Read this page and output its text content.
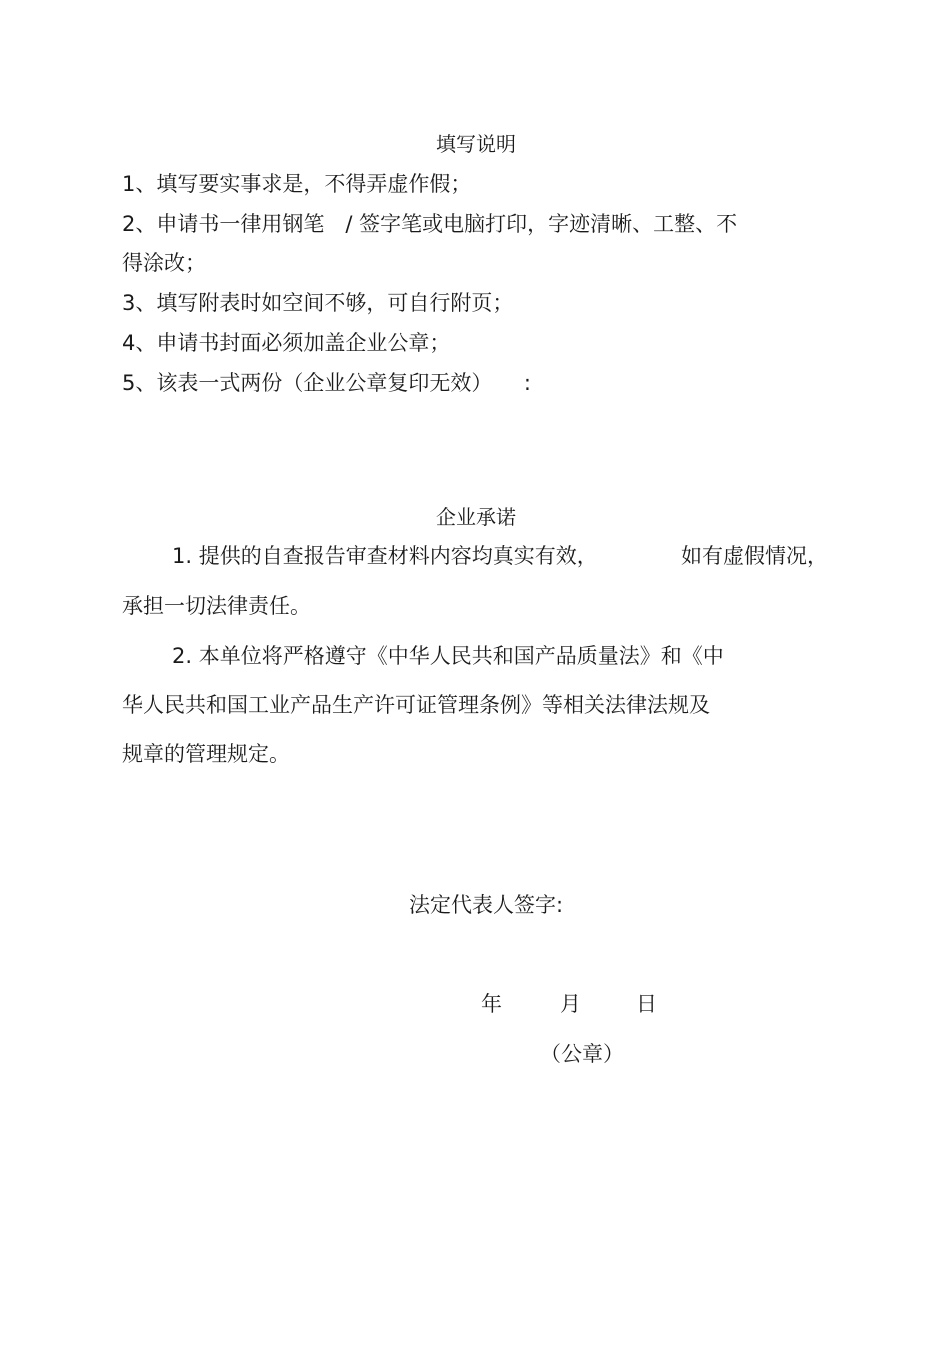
填写说明
1、填写要实事求是，不得弄虚作假；
2、申请书一律用钢笔　/ 签字笔或电脑打印，字迹清晰、工整、不
得涂改；
3、填写附表时如空间不够，可自行附页；
4、申请书封面必须加盖企业公章；
5、该表一式两份（企业公章复印无效）　　:
企业承诺
1. 提供的自查报告审查材料内容均真实有效，	如有虚假情况，
承担一切法律责任。
2. 本单位将严格遵守《中华人民共和国产品质量法》和《中
华人民共和国工业产品生产许可证管理条例》等相关法律法规及
规章的管理规定。
法定代表人签字:
年	月	日
（公章）
